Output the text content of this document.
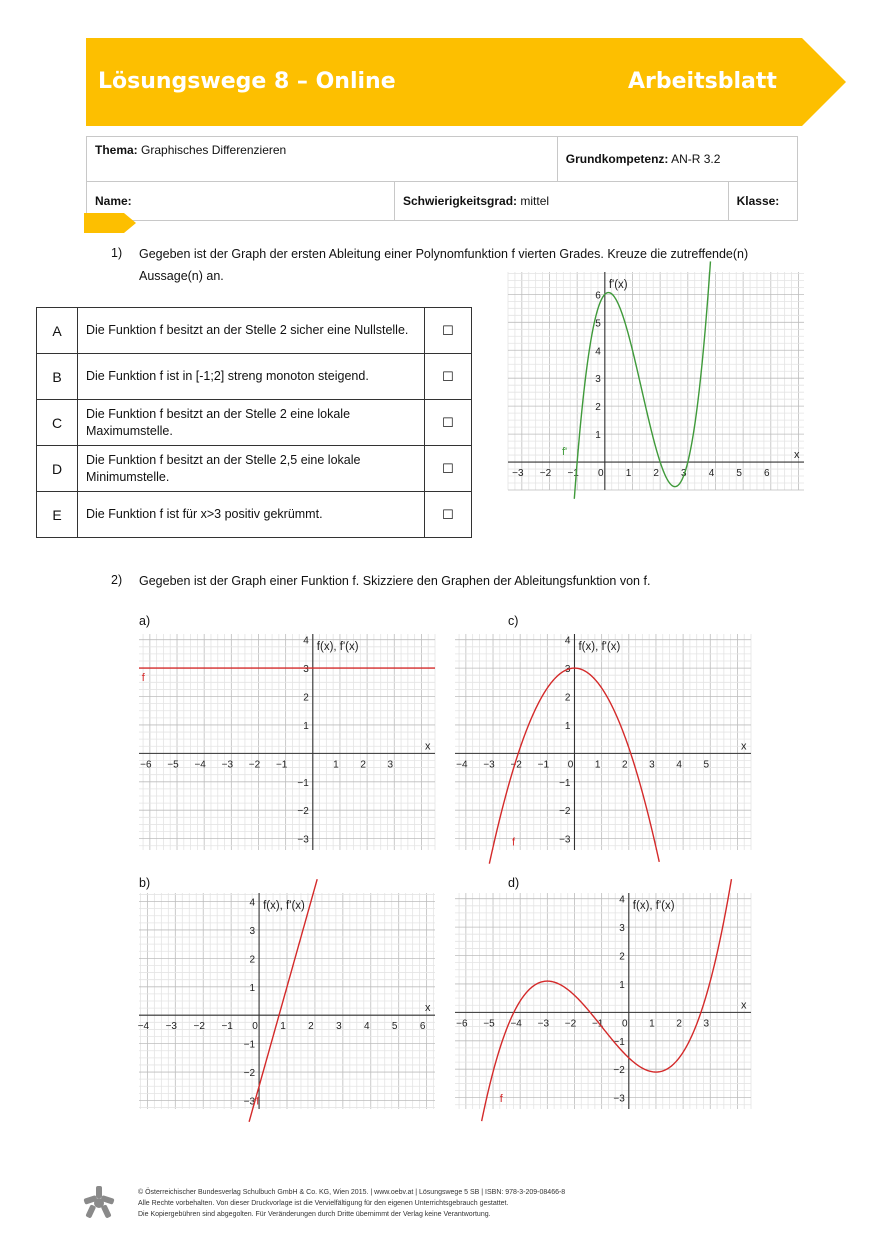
Lösungswege 8 – Online	Arbeitsblatt
Thema: Graphisches Differenzieren		Grundkompetenz: AN-R 3.2	
Name:	Schwierigkeitsgrad: mittel		Klasse:
1) Gegeben ist der Graph der ersten Ableitung einer Polynomfunktion f vierten Grades. Kreuze die zutreffende(n) Aussage(n) an.
A	Die Funktion f besitzt an der Stelle 2 sicher eine Nullstelle.	☐
B	Die Funktion f ist in [-1;2] streng monoton steigend.	☐
C	Die Funktion f besitzt an der Stelle 2 eine lokale Maximumstelle.	☐
D	Die Funktion f besitzt an der Stelle 2,5 eine lokale Minimumstelle.	☐
E	Die Funktion f ist für x>3 positiv gekrümmt.	☐
−3 −2 −1 0 1 2 3 4 5 6
1
2
3
4
5
6
x
f'(x)
f'
2) Gegeben ist der Graph einer Funktion f. Skizziere den Graphen der Ableitungsfunktion von f.
a)
−6 −5 −4 −3 −2 −1	1 2 3
−3
−2
−1
1
2
3
4
x
f(x), f'(x)
f
c)
−4 −3 −2 −1 0 1 2 3 4 5
−3
−2
−1
1
2
3
4
x
f(x), f'(x)
f
b)
−4 −3 −2 −1 0 1 2 3 4 5 6
−3
−2
−1
1
2
3
4
x
f(x), f'(x)
f
d)
−6 −5 −4 −3 −2 −1 0 1 2 3
−3
−2
−1
1
2
3
4
x
f(x), f'(x)
f
© Österreichischer Bundesverlag Schulbuch GmbH & Co. KG, Wien 2015. | www.oebv.at | Lösungswege 5 SB | ISBN: 978-3-209-08466-8
Alle Rechte vorbehalten. Von dieser Druckvorlage ist die Vervielfältigung für den eigenen Unterrichtsgebrauch gestattet.
Die Kopiergebühren sind abgegolten. Für Veränderungen durch Dritte übernimmt der Verlag keine Verantwortung.
